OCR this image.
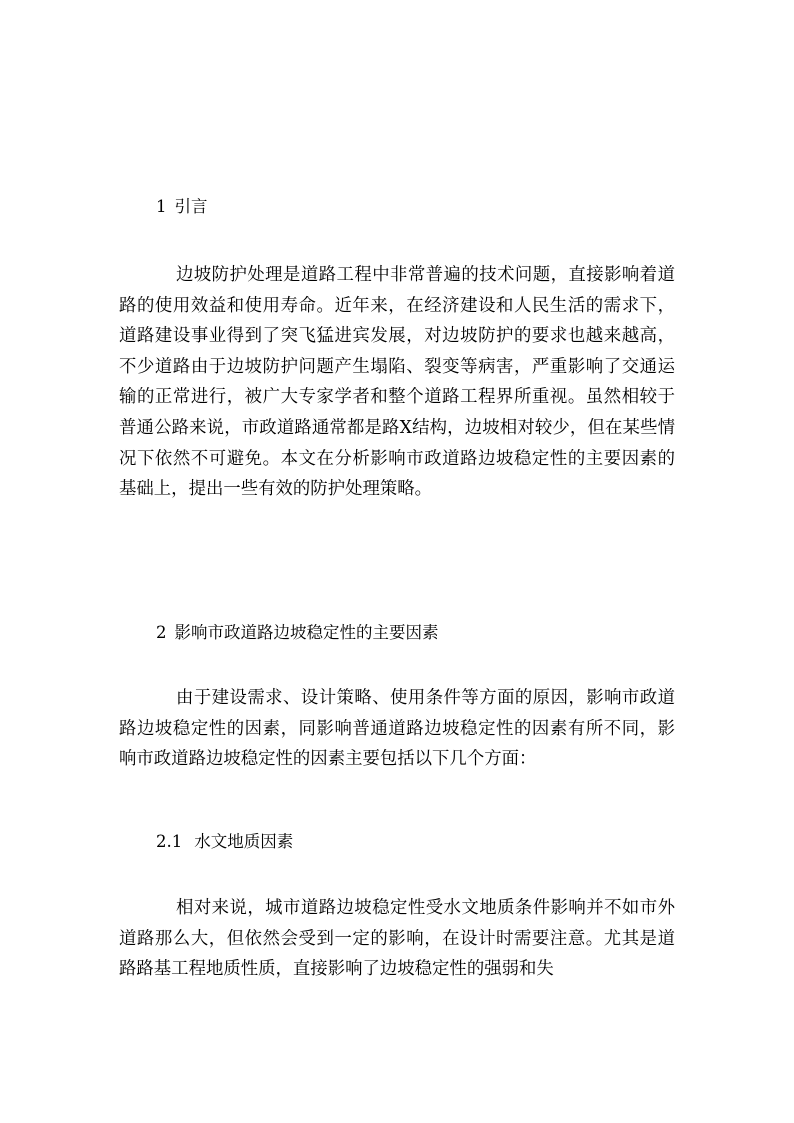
1 引言

边坡防护处理是道路工程中非常普遍的技术问题，直接影响着道路的使用效益和使用寿命。近年来，在经济建设和人民生活的需求下，道路建设事业得到了突飞猛进宾发展，对边坡防护的要求也越来越高，不少道路由于边坡防护问题产生塌陷、裂变等病害，严重影响了交通运输的正常进行，被广大专家学者和整个道路工程界所重视。虽然相较于普通公路来说，市政道路通常都是路X结构，边坡相对较少，但在某些情况下依然不可避免。本文在分析影响市政道路边坡稳定性的主要因素的基础上，提出一些有效的防护处理策略。

2 影响市政道路边坡稳定性的主要因素

由于建设需求、设计策略、使用条件等方面的原因，影响市政道路边坡稳定性的因素，同影响普通道路边坡稳定性的因素有所不同，影响市政道路边坡稳定性的因素主要包括以下几个方面：

2.1 水文地质因素

相对来说，城市道路边坡稳定性受水文地质条件影响并不如市外道路那么大，但依然会受到一定的影响，在设计时需要注意。尤其是道路路基工程地质性质，直接影响了边坡稳定性的强弱和失
